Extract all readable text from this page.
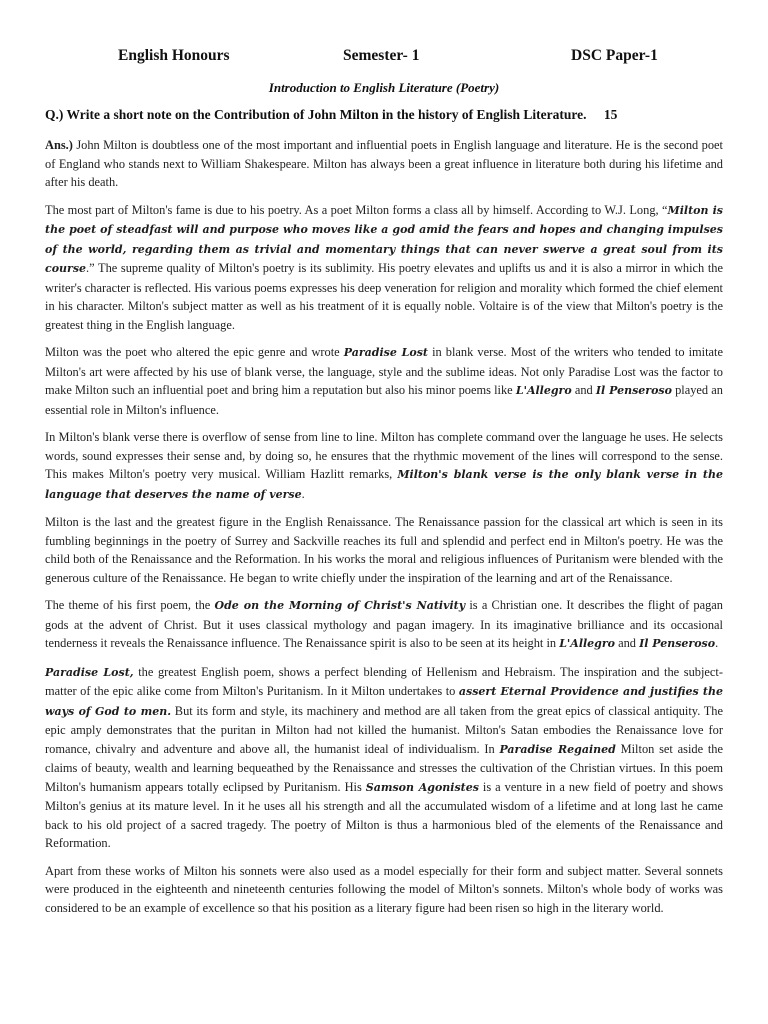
English Honours	Semester- 1	DSC Paper-1
Introduction to English Literature (Poetry)
Q.) Write a short note on the Contribution of John Milton in the history of English Literature. 15

Ans.) John Milton is doubtless one of the most important and influential poets in English language and literature. He is the second poet of England who stands next to William Shakespeare. Milton has always been a great influence in literature both during his lifetime and after his death.

The most part of Milton's fame is due to his poetry. As a poet Milton forms a class all by himself. According to W.J. Long, “Milton is the poet of steadfast will and purpose who moves like a god amid the fears and hopes and changing impulses of the world, regarding them as trivial and momentary things that can never swerve a great soul from its course.” The supreme quality of Milton's poetry is its sublimity. His poetry elevates and uplifts us and it is also a mirror in which the writer's character is reflected. His various poems expresses his deep veneration for religion and morality which formed the chief element in his character. Milton's subject matter as well as his treatment of it is equally noble. Voltaire is of the view that Milton's poetry is the greatest thing in the English language.

Milton was the poet who altered the epic genre and wrote Paradise Lost in blank verse. Most of the writers who tended to imitate Milton's art were affected by his use of blank verse, the language, style and the sublime ideas. Not only Paradise Lost was the factor to make Milton such an influential poet and bring him a reputation but also his minor poems like L'Allegro and Il Penseroso played an essential role in Milton's influence.

In Milton's blank verse there is overflow of sense from line to line. Milton has complete command over the language he uses. He selects words, sound expresses their sense and, by doing so, he ensures that the rhythmic movement of the lines will correspond to the sense. This makes Milton's poetry very musical. William Hazlitt remarks, Milton's blank verse is the only blank verse in the language that deserves the name of verse.

Milton is the last and the greatest figure in the English Renaissance. The Renaissance passion for the classical art which is seen in its fumbling beginnings in the poetry of Surrey and Sackville reaches its full and splendid and perfect end in Milton's poetry. He was the child both of the Renaissance and the Reformation. In his works the moral and religious influences of Puritanism were blended with the generous culture of the Renaissance. He began to write chiefly under the inspiration of the learning and art of the Renaissance.

The theme of his first poem, the Ode on the Morning of Christ's Nativity is a Christian one. It describes the flight of pagan gods at the advent of Christ. But it uses classical mythology and pagan imagery. In its imaginative brilliance and its occasional tenderness it reveals the Renaissance influence. The Renaissance spirit is also to be seen at its height in L'Allegro and Il Penseroso.

Paradise Lost, the greatest English poem, shows a perfect blending of Hellenism and Hebraism. The inspiration and the subject-matter of the epic alike come from Milton's Puritanism. In it Milton undertakes to assert Eternal Providence and justifies the ways of God to men. But its form and style, its machinery and method are all taken from the great epics of classical antiquity. The epic amply demonstrates that the puritan in Milton had not killed the humanist. Milton's Satan embodies the Renaissance love for romance, chivalry and adventure and above all, the humanist ideal of individualism. In Paradise Regained Milton set aside the claims of beauty, wealth and learning bequeathed by the Renaissance and stresses the cultivation of the Christian virtues. In this poem Milton's humanism appears totally eclipsed by Puritanism. His Samson Agonistes is a venture in a new field of poetry and shows Milton's genius at its mature level. In it he uses all his strength and all the accumulated wisdom of a lifetime and at long last he came back to his old project of a sacred tragedy. The poetry of Milton is thus a harmonious bled of the elements of the Renaissance and Reformation.

Apart from these works of Milton his sonnets were also used as a model especially for their form and subject matter. Several sonnets were produced in the eighteenth and nineteenth centuries following the model of Milton's sonnets. Milton's whole body of works was considered to be an example of excellence so that his position as a literary figure had been risen so high in the literary world.
